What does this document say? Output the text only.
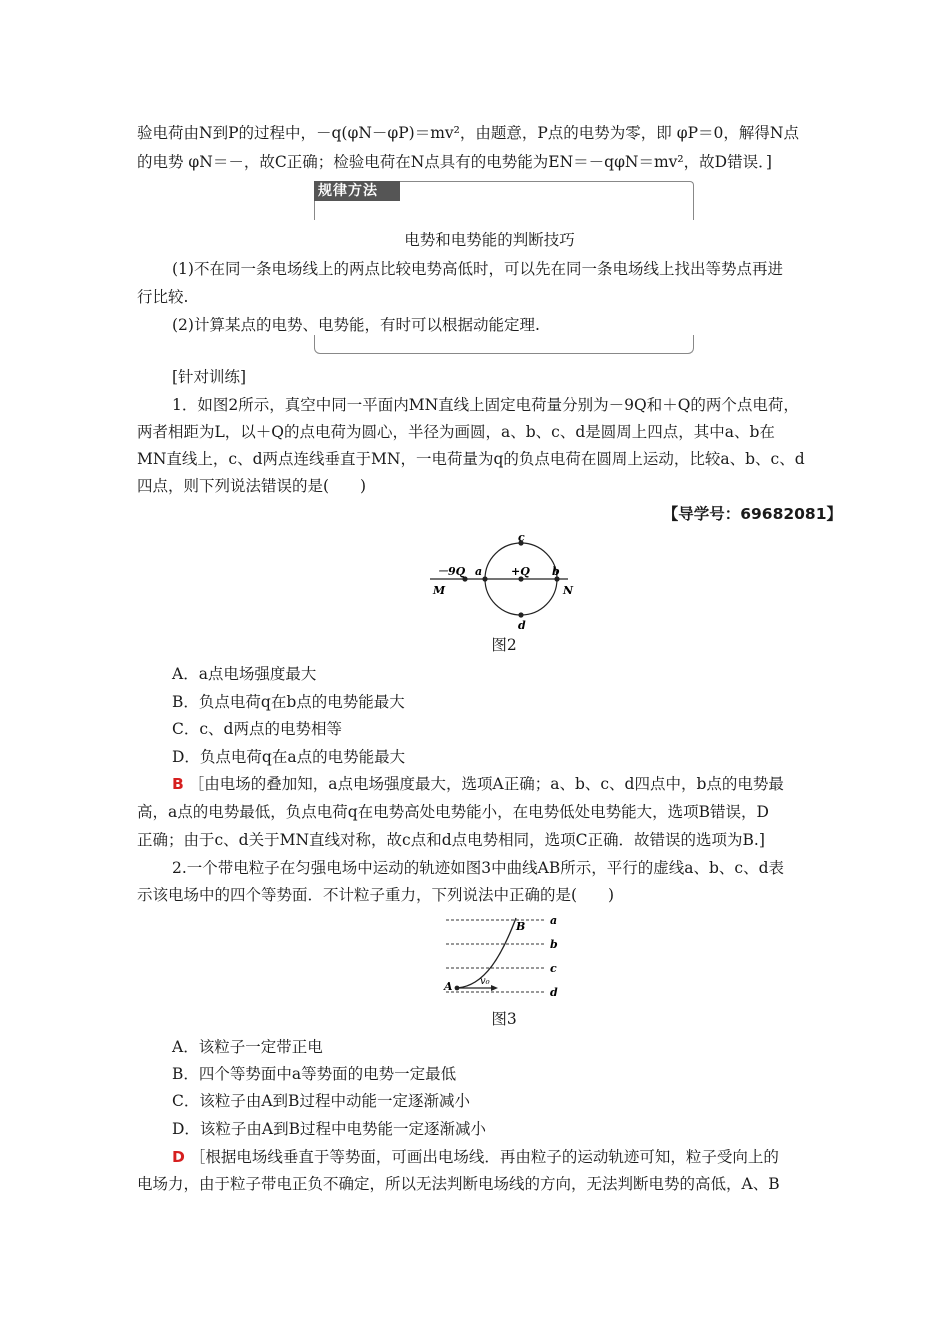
验电荷由N到P的过程中，－q(φN－φP)＝mv²，由题意，P点的电势为零，即 φP＝0，解得N点
的电势 φN＝－，故C正确；检验电荷在N点具有的电势能为EN＝－qφN＝mv²，故D错误．]
规律方法
电势和电势能的判断技巧
(1)不在同一条电场线上的两点比较电势高低时，可以先在同一条电场线上找出等势点再进
行比较.
(2)计算某点的电势、电势能，有时可以根据动能定理.
[针对训练]
1．如图2所示，真空中同一平面内MN直线上固定电荷量分别为－9Q和＋Q的两个点电荷，
两者相距为L，以＋Q的点电荷为圆心，半径为画圆，a、b、c、d是圆周上四点，其中a、b在
MN直线上，c、d两点连线垂直于MN，一电荷量为q的负点电荷在圆周上运动，比较a、b、c、d
四点，则下列说法错误的是(　　)
【导学号：69682081】
－9Q
M
a	+Q b
N
c
d
图2
A．a点电场强度最大
B．负点电荷q在b点的电势能最大
C．c、d两点的电势相等
D．负点电荷q在a点的电势能最大
B ［由电场的叠加知，a点电场强度最大，选项A正确；a、b、c、d四点中，b点的电势最
高，a点的电势最低，负点电荷q在电势高处电势能小，在电势低处电势能大，选项B错误，D
正确；由于c、d关于MN直线对称，故c点和d点电势相同，选项C正确．故错误的选项为B.]
2.一个带电粒子在匀强电场中运动的轨迹如图3中曲线AB所示，平行的虚线a、b、c、d表
示该电场中的四个等势面．不计粒子重力，下列说法中正确的是(　　)
a
b
c
d
A
B
v₀
图3
A．该粒子一定带正电
B．四个等势面中a等势面的电势一定最低
C．该粒子由A到B过程中动能一定逐渐减小
D．该粒子由A到B过程中电势能一定逐渐减小
D ［根据电场线垂直于等势面，可画出电场线．再由粒子的运动轨迹可知，粒子受向上的
电场力，由于粒子带电正负不确定，所以无法判断电场线的方向，无法判断电势的高低，A、B
